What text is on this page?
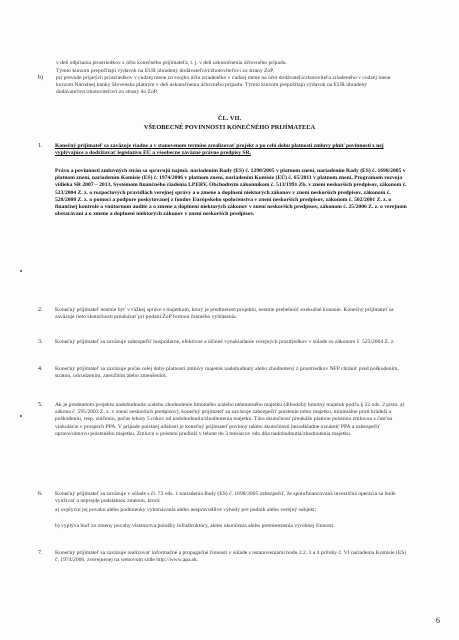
v deň odpísania prostriedkov z účtu konečného prijímateľa, t. j. v deň uskutočnenia účtovného prípadu.

Týmto kurzom prepočítajú výdavok na EUR úhradený dodávateľovi/zhotoviteľovi zo strany ZoP,

b) pri prevode prijatých prostriedkov v cudzej mene zo svojho účtu zriadeného v cudzej mene na účet dodávateľa/zhotoviteľa zriadeného v cudzej mene kurzom Národnej banky Slovenska platným v deň uskutočnenia účtovného prípadu. Týmto kurzom prepočítajú výdavok na EUR úhradený dodávateľovi/zhotoviteľovi zo strany do ZoP.

ČL. VII.
VŠEOBECNÉ POVINNOSTI KONEČNÉHO PRIJÍMATEĽA
1. Konečný prijímateľ sa zaväzuje riadne a v stanovenom termíne zrealizovať projekt a po celú dobu platnosti zmluvy plniť povinnosti z nej vyplývajúce a dodržiavať legislatívu EÚ a všeobecne záväzné právne predpisy SR.

Právo a povinnosti zmluvných strán sa spravujú najmä: nariadením Rady (ES) č. 1290/2005 v platnom znení, nariadením Rady (ES) č. 1698/2005 v platnom znení, nariadením Komisie (ES) č. 1974/2006 v platnom znení, nariadením Komisie (EÚ) č. 65/2011 v platnom znení, Programom rozvoja vidieka SR 2007 – 2013, Systémom finančného riadenia LPERV, Obchodným zákonníkom č. 513/1991 Zb. v znení neskorších predpisov, zákonom č. 523/2004 Z. z. o rozpočtových pravidlách verejnej správy a o zmene a doplnení niektorých zákonov v znení neskorších predpisov, zákonom č. 528/2008 Z. z. o pomoci a podpore poskytovanej z fondov Európskeho spoločenstva v znení neskorších predpisov, zákonom č. 502/2001 Z. z. o finančnej kontrole a vnútornom audite a o zmene a doplnení niektorých zákonov v znení neskorších predpisov, zákonom č. 25/2006 Z. z. o verejnom obstarávaní a o zmene a doplnení niektorých zákonov v znení neskorších predpisov.

2. Konečný prijímateľ nesmie byť v ťažkej správe s majetkom, ktorý je predmetom projektu, nesmie prebehnúť exekučné konanie. Konečný prijímateľ sa zaväzuje tieto skutočnosti preukázať pri podaní ŽoP formou čestného vyhlásenia.

3. Konečný prijímateľ sa zaväzuje zabezpečiť hospodárne, efektívne a účinné vynakladanie verejných prostriedkov v súlade so zákonom č. 523/2004 Z. z.

4. Konečný prijímateľ sa zaväzuje počas celej doby platnosti zmluvy majetok nadobudnutý alebo zhodnotený z prostriedkov NFP chrániť pred poškodením, stratou, odcudzením, zneužitím alebo zmenšením.

5. Ak je predmetom projektu nadobudnutie a/alebo zhodnotenie hmotného a/alebo nehmotného majetku (dlhodobý hmotný majetok podľa § 22 ods. 2 písm. a) zákona č. 595/2003 Z. z. v znení neskorších predpisov), konečný prijímateľ sa zaväzuje zabezpečiť poistenie tohto majetku, minimálne proti krádeži a poškodeniu, resp. zničeniu, počas lehoty 5 rokov od nadobudnutia/zhodnotenia majetku. Túto skutočnosť preukáže platnou poistnou zmluvou s časťou vinkulácie v prospech PPA. V prípade poistnej udalosti je konečný prijímateľ povinný takéto skutočnosti bezodkladne oznámiť PPA a zabezpečiť opravu/obnovu poisteného majetku. Zmluvu o poistení predloží v lehote do 3 mesiacov odo dňa nadobudnutia/zhodnotenia majetku.

6. Konečný prijímateľ sa zaväzuje v súlade s čl. 72 ods. 1 nariadenia Rady (ES) č. 1698/2005 zabezpečiť, že spolufinancovaná investičná operácia sa bude využívať a neprejde podstatnou zmenou, ktorá:

a) ovplyvní jej povahu alebo podmienky vykonávania alebo nespravodlivé výhody pre podnik alebo verejný subjekt;

b) vyplýva buď zo zmeny povahy vlastníctva položky infraštruktúry, alebo ukončenia alebo premiestnenia výrobnej činnosti.

7. Konečný prijímateľ sa zaväzuje realizovať informačné a propagačné činnosti v súlade s ustanoveniami bodu 2.2, 3 a 4 prílohy č. VI nariadenia Komisie (ES) č. 1974/2006, zverejnenej na webovom sídle http://www.apa.sk.

6
